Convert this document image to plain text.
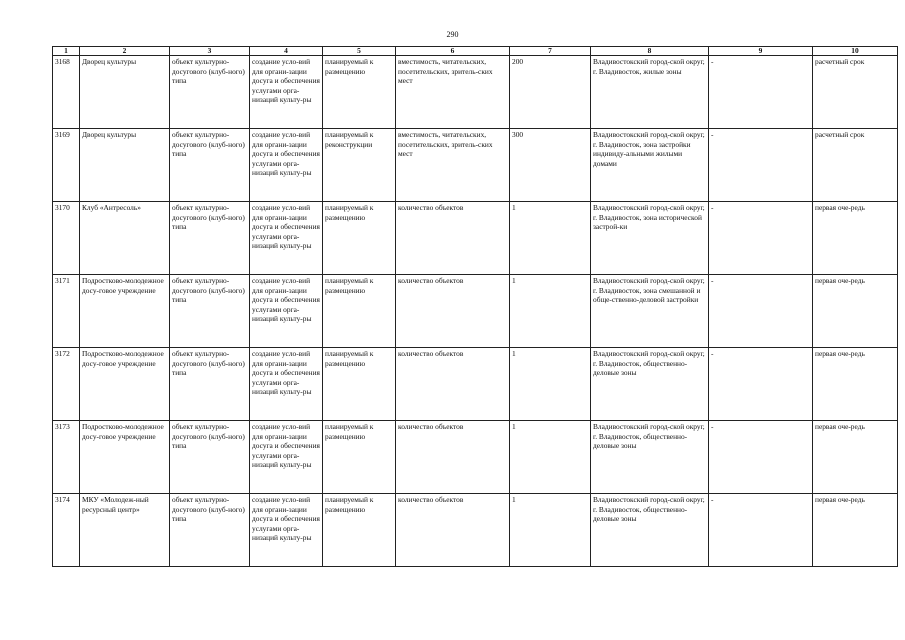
290
1	2	3	4	5	6	7	8	9	10
3168	Дворец культуры	объект культурно-досугового (клуб-ного) типа	создание усло-вий для органи-зации досуга и обеспечения услугами орга-низаций культу-ры	планируемый к размещению	вместимость, читательских, посетительских, зритель-ских мест	200	Владивостокский город-ской округ, г. Владивосток, жилые зоны	-	расчетный срок
3169	Дворец культуры	объект культурно-досугового (клуб-ного) типа	создание усло-вий для органи-зации досуга и обеспечения услугами орга-низаций культу-ры	планируемый к реконструкции	вместимость, читательских, посетительских, зритель-ских мест	300	Владивостокский город-ской округ, г. Владивосток, зона застройки индивиду-альными жилыми домами	-	расчетный срок
3170	Клуб «Антресоль»	объект культурно-досугового (клуб-ного) типа	создание усло-вий для органи-зации досуга и обеспечения услугами орга-низаций культу-ры	планируемый к размещению	количество объектов	1	Владивостокский город-ской округ, г. Владивосток, зона исторической застрой-ки	-	первая оче-редь
3171	Подростково-молодежное досу-говое учреждение	объект культурно-досугового (клуб-ного) типа	создание усло-вий для органи-зации досуга и обеспечения услугами орга-низаций культу-ры	планируемый к размещению	количество объектов	1	Владивостокский город-ской округ, г. Владивосток, зона смешанной и обще-ственно-деловой застройки	-	первая оче-редь
3172	Подростково-молодежное досу-говое учреждение	объект культурно-досугового (клуб-ного) типа	создание усло-вий для органи-зации досуга и обеспечения услугами орга-низаций культу-ры	планируемый к размещению	количество объектов	1	Владивостокский город-ской округ, г. Владивосток, общественно-деловые зоны	-	первая оче-редь
3173	Подростково-молодежное досу-говое учреждение	объект культурно-досугового (клуб-ного) типа	создание усло-вий для органи-зации досуга и обеспечения услугами орга-низаций культу-ры	планируемый к размещению	количество объектов	1	Владивостокский город-ской округ, г. Владивосток, общественно-деловые зоны	-	первая оче-редь
3174	МКУ «Молодеж-ный ресурсный центр»	объект культурно-досугового (клуб-ного) типа	создание усло-вий для органи-зации досуга и обеспечения услугами орга-низаций культу-ры	планируемый к размещению	количество объектов	1	Владивостокский город-ской округ, г. Владивосток, общественно-деловые зоны	-	первая оче-редь
